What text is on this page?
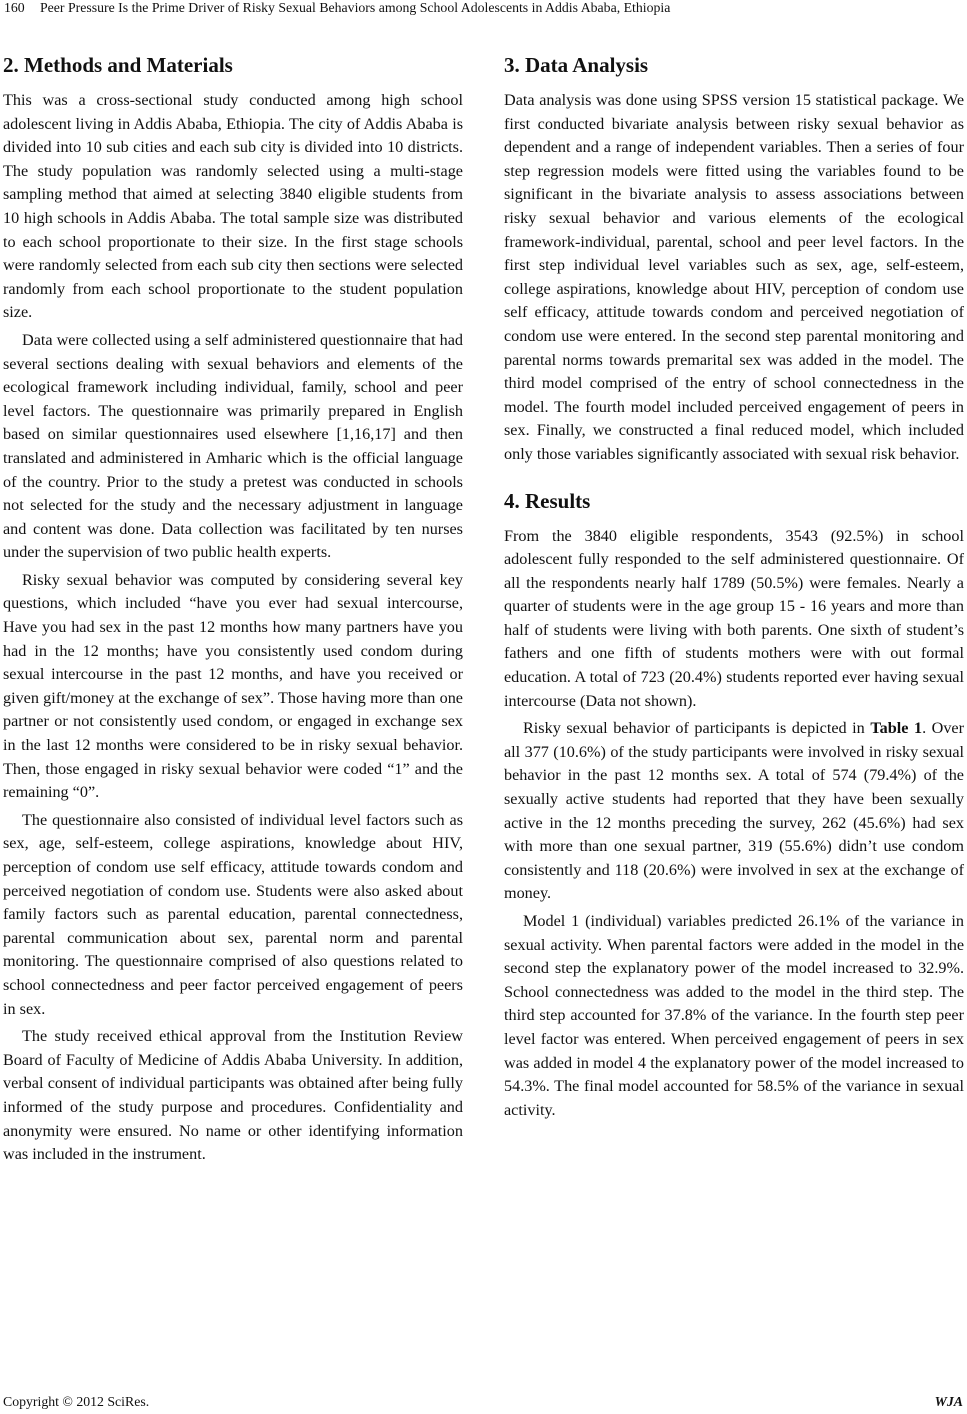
160 Peer Pressure Is the Prime Driver of Risky Sexual Behaviors among School Adolescents in Addis Ababa, Ethiopia
2. Methods and Materials

This was a cross-sectional study conducted among high school adolescent living in Addis Ababa, Ethiopia. The city of Addis Ababa is divided into 10 sub cities and each sub city is divided into 10 districts. The study population was randomly selected using a multi-stage sampling method that aimed at selecting 3840 eligible students from 10 high schools in Addis Ababa. The total sample size was distributed to each school proportionate to their size. In the first stage schools were randomly selected from each sub city then sections were selected randomly from each school proportionate to the student population size.

Data were collected using a self administered questionnaire that had several sections dealing with sexual behaviors and elements of the ecological framework including individual, family, school and peer level factors. The questionnaire was primarily prepared in English based on similar questionnaires used elsewhere [1,16,17] and then translated and administered in Amharic which is the official language of the country. Prior to the study a pretest was conducted in schools not selected for the study and the necessary adjustment in language and content was done. Data collection was facilitated by ten nurses under the supervision of two public health experts.

Risky sexual behavior was computed by considering several key questions, which included “have you ever had sexual intercourse, Have you had sex in the past 12 months how many partners have you had in the 12 months; have you consistently used condom during sexual intercourse in the past 12 months, and have you received or given gift/money at the exchange of sex”. Those having more than one partner or not consistently used condom, or engaged in exchange sex in the last 12 months were considered to be in risky sexual behavior. Then, those engaged in risky sexual behavior were coded “1” and the remaining “0”.

The questionnaire also consisted of individual level factors such as sex, age, self-esteem, college aspirations, knowledge about HIV, perception of condom use self efficacy, attitude towards condom and perceived negotiation of condom use. Students were also asked about family factors such as parental education, parental connectedness, parental communication about sex, parental norm and parental monitoring. The questionnaire comprised of also questions related to school connectedness and peer factor perceived engagement of peers in sex.

The study received ethical approval from the Institution Review Board of Faculty of Medicine of Addis Ababa University. In addition, verbal consent of individual participants was obtained after being fully informed of the study purpose and procedures. Confidentiality and anonymity were ensured. No name or other identifying information was included in the instrument.

3. Data Analysis

Data analysis was done using SPSS version 15 statistical package. We first conducted bivariate analysis between risky sexual behavior as dependent and a range of independent variables. Then a series of four step regression models were fitted using the variables found to be significant in the bivariate analysis to assess associations between risky sexual behavior and various elements of the ecological framework-individual, parental, school and peer level factors. In the first step individual level variables such as sex, age, self-esteem, college aspirations, knowledge about HIV, perception of condom use self efficacy, attitude towards condom and perceived negotiation of condom use were entered. In the second step parental monitoring and parental norms towards premarital sex was added in the model. The third model comprised of the entry of school connectedness in the model. The fourth model included perceived engagement of peers in sex. Finally, we constructed a final reduced model, which included only those variables significantly associated with sexual risk behavior.

4. Results

From the 3840 eligible respondents, 3543 (92.5%) in school adolescent fully responded to the self administered questionnaire. Of all the respondents nearly half 1789 (50.5%) were females. Nearly a quarter of students were in the age group 15 - 16 years and more than half of students were living with both parents. One sixth of student’s fathers and one fifth of students mothers were with out formal education. A total of 723 (20.4%) students reported ever having sexual intercourse (Data not shown).

Risky sexual behavior of participants is depicted in Table 1. Over all 377 (10.6%) of the study participants were involved in risky sexual behavior in the past 12 months sex. A total of 574 (79.4%) of the sexually active students had reported that they have been sexually active in the 12 months preceding the survey, 262 (45.6%) had sex with more than one sexual partner, 319 (55.6%) didn’t use condom consistently and 118 (20.6%) were involved in sex at the exchange of money.

Model 1 (individual) variables predicted 26.1% of the variance in sexual activity. When parental factors were added in the model in the second step the explanatory power of the model increased to 32.9%. School connectedness was added to the model in the third step. The third step accounted for 37.8% of the variance. In the fourth step peer level factor was entered. When perceived engagement of peers in sex was added in model 4 the explanatory power of the model increased to 54.3%. The final model accounted for 58.5% of the variance in sexual activity.

Copyright © 2012 SciRes.	WJA
